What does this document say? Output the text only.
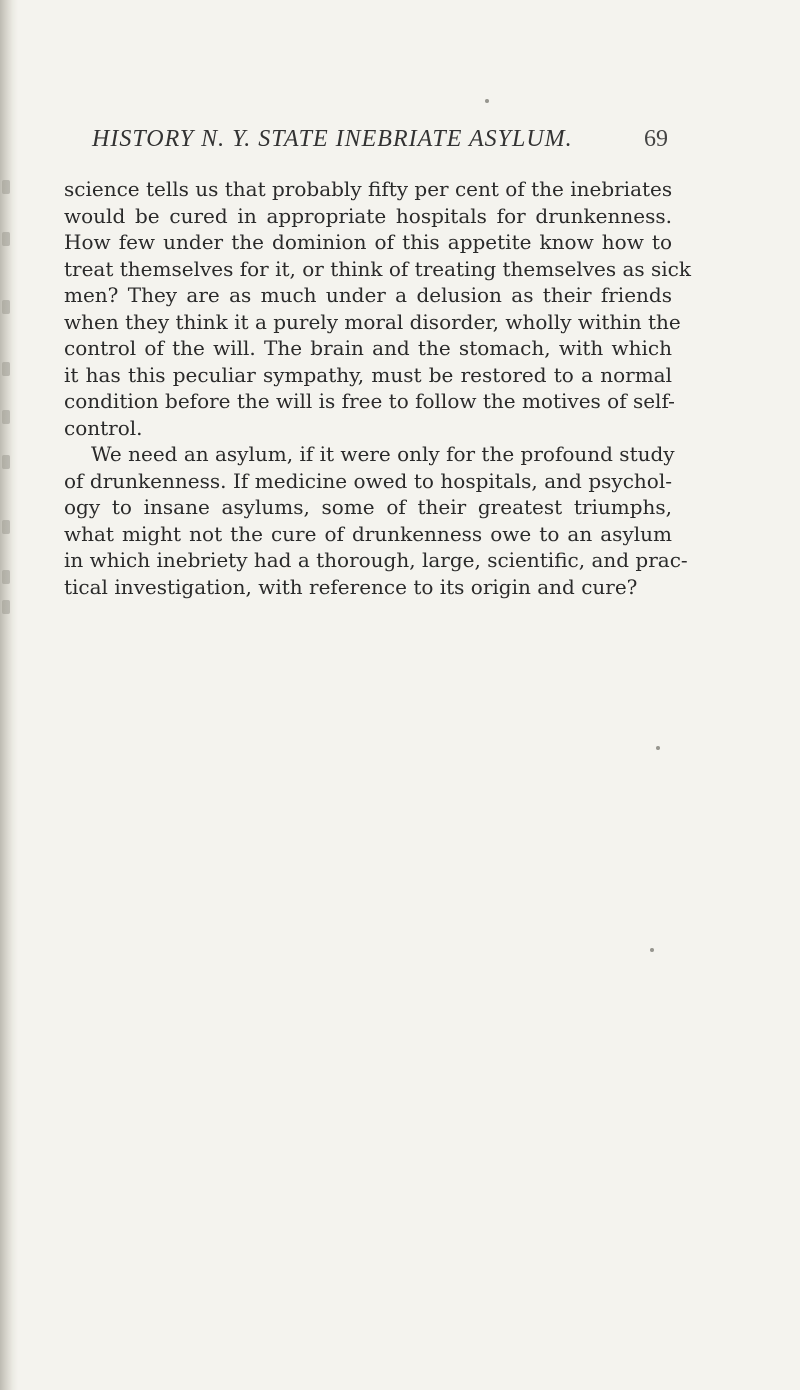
HISTORY N. Y. STATE INEBRIATE ASYLUM.	69
science tells us that probably fifty per cent of the inebriates
would be cured in appropriate hospitals for drunkenness.
How few under the dominion of this appetite know how to
treat themselves for it, or think of treating themselves as sick
men? They are as much under a delusion as their friends
when they think it a purely moral disorder, wholly within the
control of the will. The brain and the stomach, with which
it has this peculiar sympathy, must be restored to a normal
condition before the will is free to follow the motives of self-
control.
We need an asylum, if it were only for the profound study
of drunkenness. If medicine owed to hospitals, and psychol-
ogy to insane asylums, some of their greatest triumphs,
what might not the cure of drunkenness owe to an asylum
in which inebriety had a thorough, large, scientific, and prac-
tical investigation, with reference to its origin and cure?
